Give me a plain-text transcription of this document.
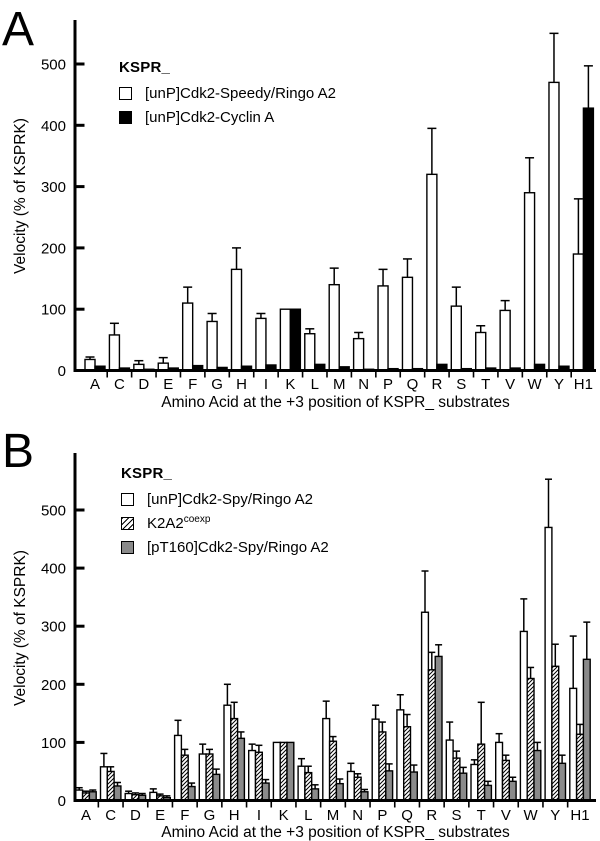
0
100
200
300
400
500
A C D E F G H I K L M N P Q R S T V W Y H1
Amino Acid at the +3 position of KSPR_ substrates
Velocity (% of KSPRK)
0
100
200
300
400
500
A C D E F G H I K L M N P Q R S T V W Y H1
Amino Acid at the +3 position of KSPR_ substrates
Velocity (% of KSPRK)
A
B
KSPR_
[unP]Cdk2-Speedy/Ringo A2
[unP]Cdk2-Cyclin A
KSPR_
[unP]Cdk2-Spy/Ringo A2
$K2A2^{coexp}$
[pT160]Cdk2-Spy/Ringo A2
